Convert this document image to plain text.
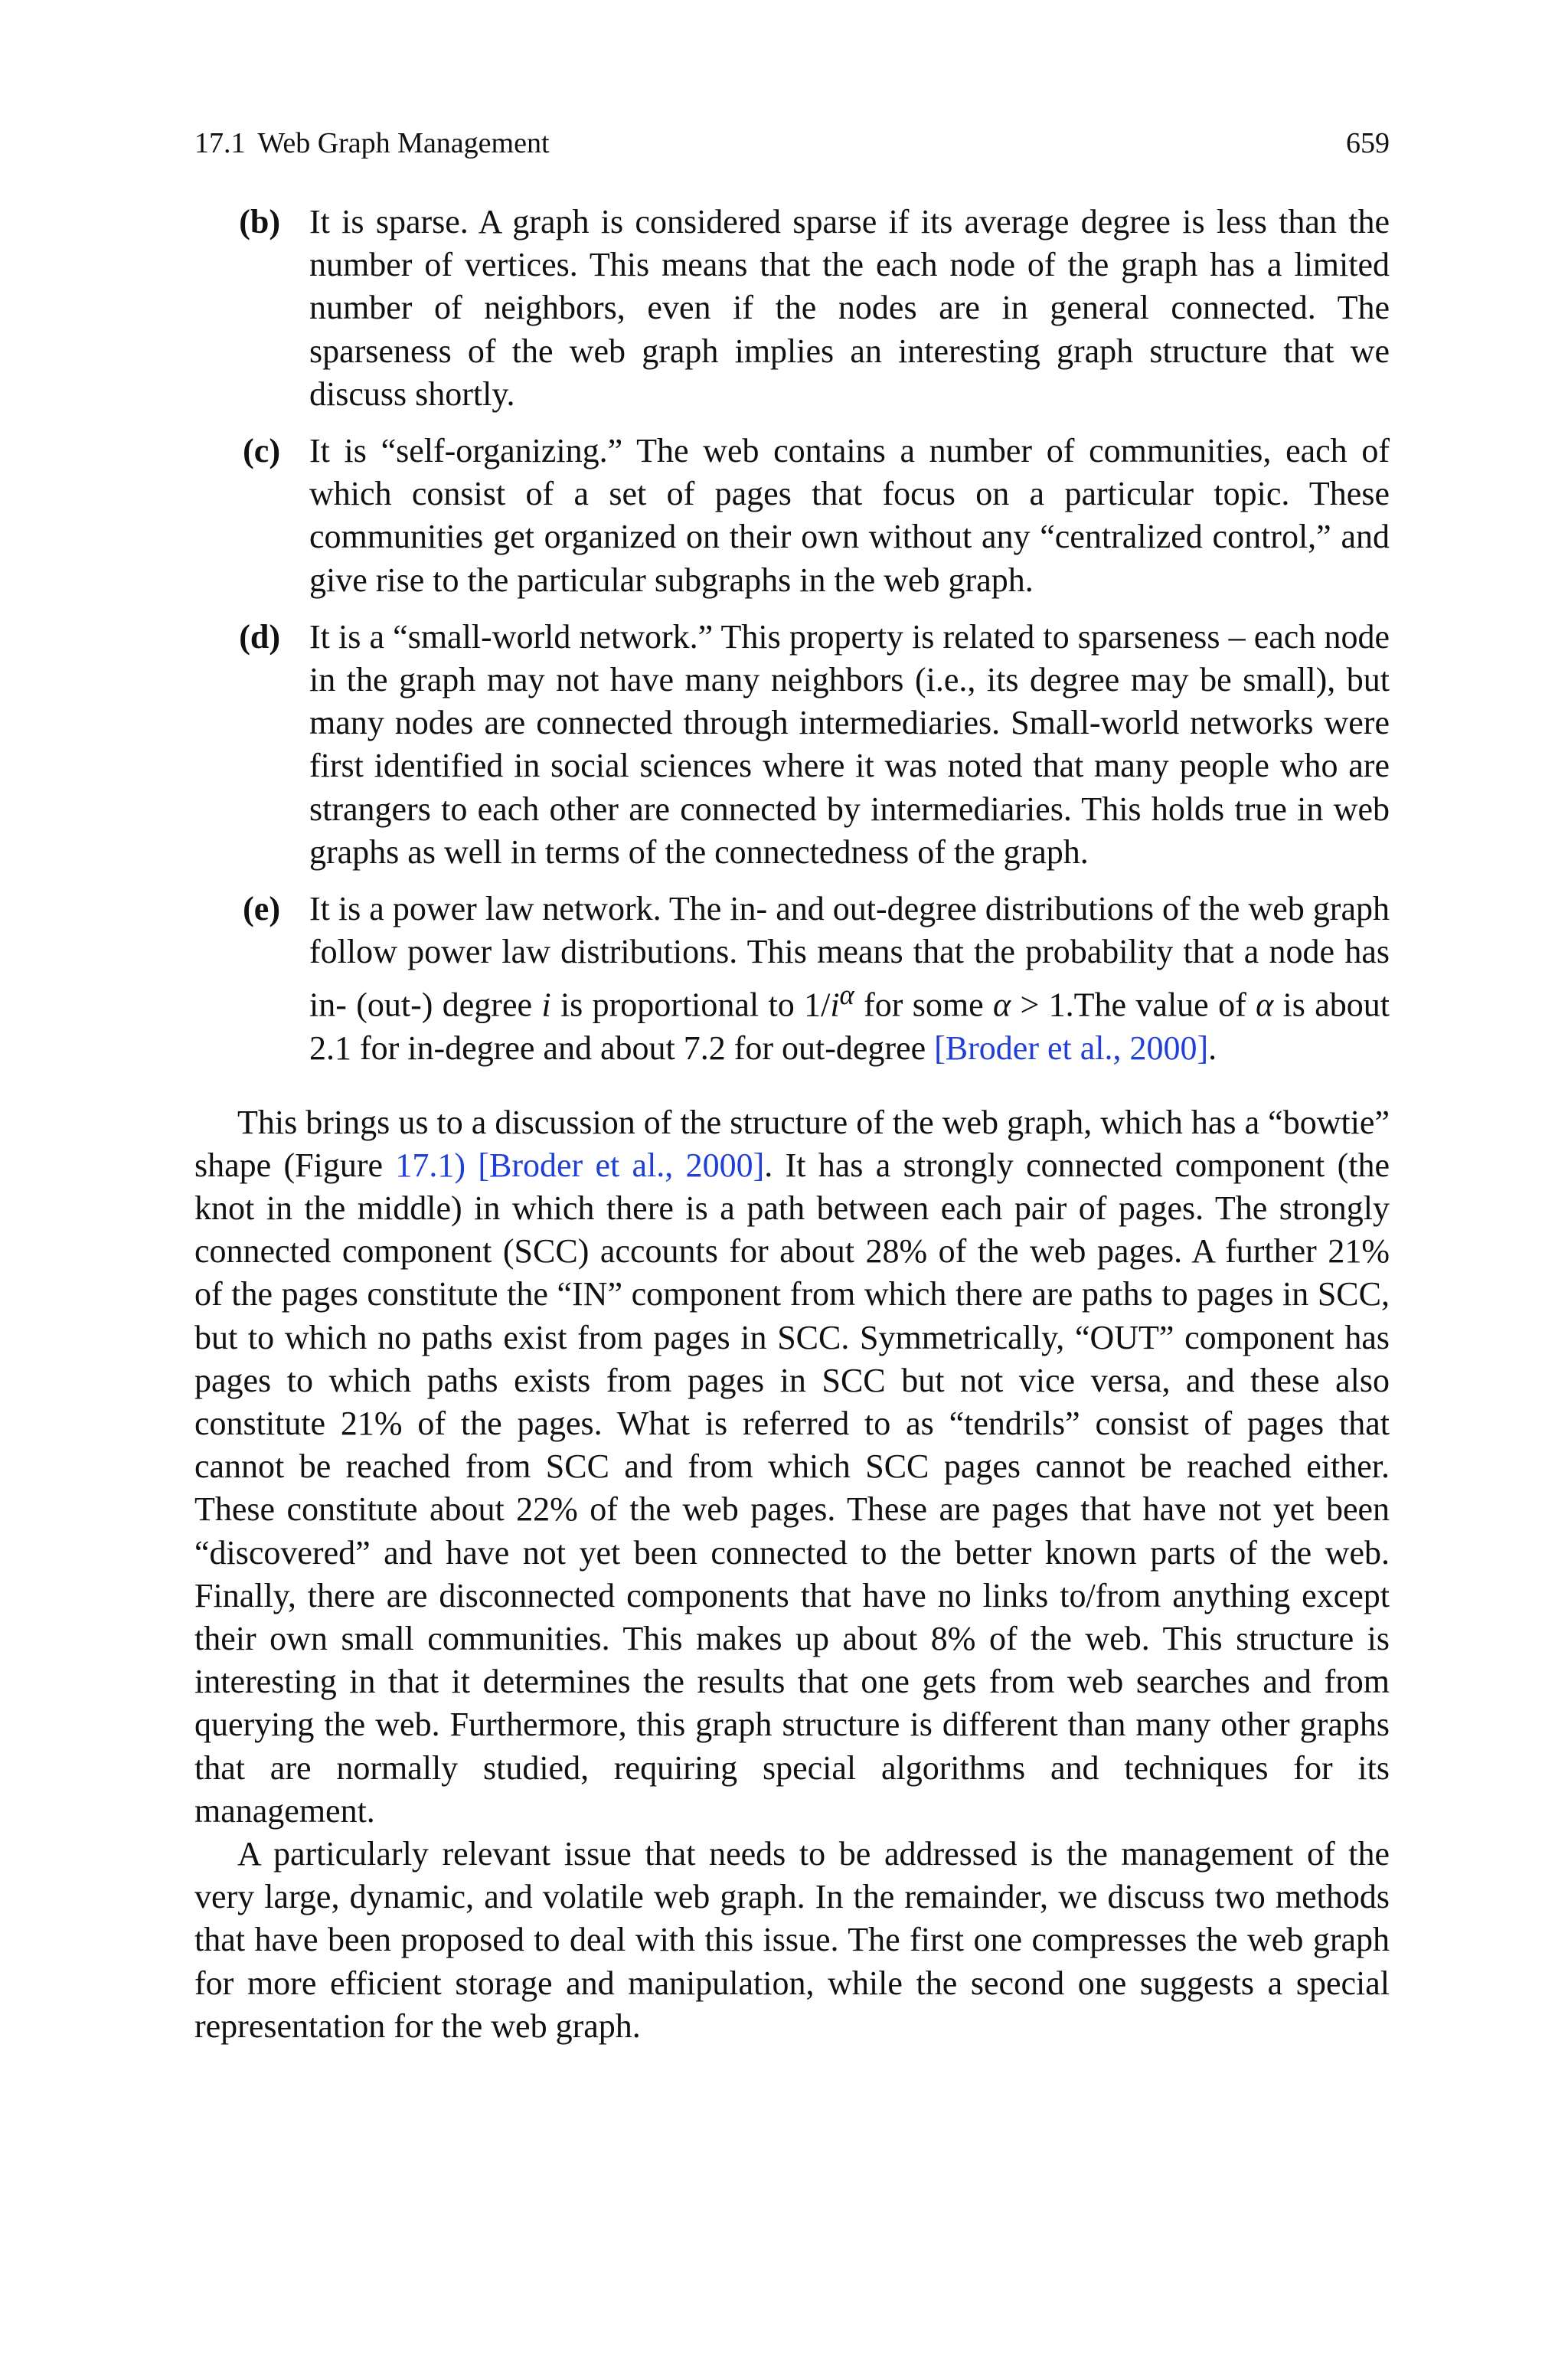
17.1 Web Graph Management	659
(b) It is sparse. A graph is considered sparse if its average degree is less than the number of vertices. This means that the each node of the graph has a limited number of neighbors, even if the nodes are in general connected. The sparseness of the web graph implies an interesting graph structure that we discuss shortly.
(c) It is “self-organizing.” The web contains a number of communities, each of which consist of a set of pages that focus on a particular topic. These communities get organized on their own without any “centralized control,” and give rise to the particular subgraphs in the web graph.
(d) It is a “small-world network.” This property is related to sparseness – each node in the graph may not have many neighbors (i.e., its degree may be small), but many nodes are connected through intermediaries. Small-world networks were first identified in social sciences where it was noted that many people who are strangers to each other are connected by intermediaries. This holds true in web graphs as well in terms of the connectedness of the graph.
(e) It is a power law network. The in- and out-degree distributions of the web graph follow power law distributions. This means that the probability that a node has in- (out-) degree i is proportional to $1/i^\alpha$ for some α > 1.The value of α is about 2.1 for in-degree and about 7.2 for out-degree [Broder et al., 2000].

This brings us to a discussion of the structure of the web graph, which has a “bowtie” shape (Figure 17.1) [Broder et al., 2000]. It has a strongly connected component (the knot in the middle) in which there is a path between each pair of pages. The strongly connected component (SCC) accounts for about 28% of the web pages. A further 21% of the pages constitute the “IN” component from which there are paths to pages in SCC, but to which no paths exist from pages in SCC. Symmetrically, “OUT” component has pages to which paths exists from pages in SCC but not vice versa, and these also constitute 21% of the pages. What is referred to as “tendrils” consist of pages that cannot be reached from SCC and from which SCC pages cannot be reached either. These constitute about 22% of the web pages. These are pages that have not yet been “discovered” and have not yet been connected to the better known parts of the web. Finally, there are disconnected components that have no links to/from anything except their own small communities. This makes up about 8% of the web. This structure is interesting in that it determines the results that one gets from web searches and from querying the web. Furthermore, this graph structure is different than many other graphs that are normally studied, requiring special algorithms and techniques for its management.

A particularly relevant issue that needs to be addressed is the management of the very large, dynamic, and volatile web graph. In the remainder, we discuss two methods that have been proposed to deal with this issue. The first one compresses the web graph for more efficient storage and manipulation, while the second one suggests a special representation for the web graph.
